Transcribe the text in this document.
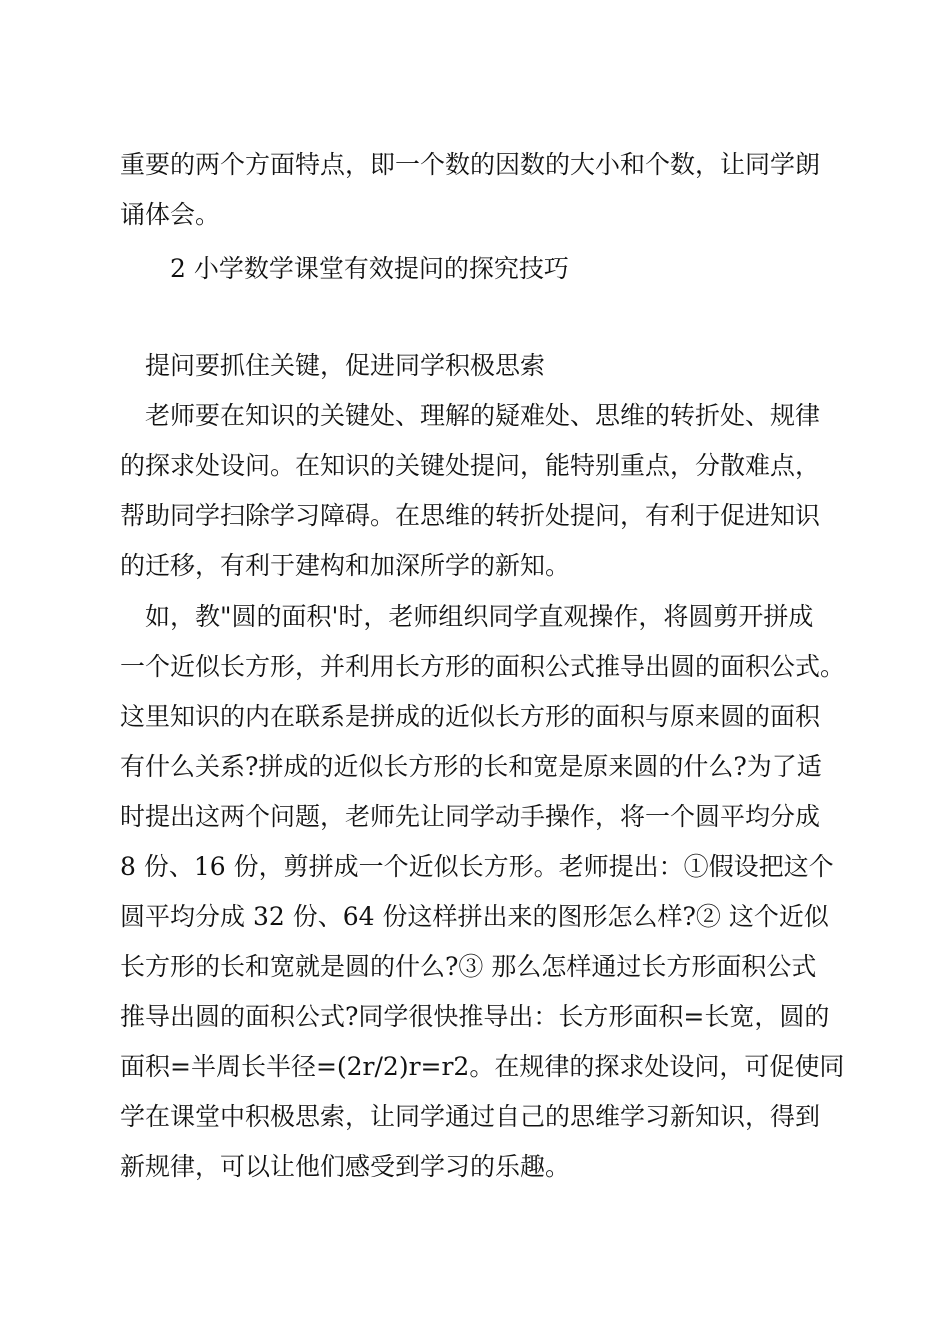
重要的两个方面特点，即一个数的因数的大小和个数，让同学朗
诵体会。
2 小学数学课堂有效提问的探究技巧
提问要抓住关键，促进同学积极思索
老师要在知识的关键处、理解的疑难处、思维的转折处、规律
的探求处设问。在知识的关键处提问，能特别重点，分散难点，
帮助同学扫除学习障碍。在思维的转折处提问，有利于促进知识
的迁移，有利于建构和加深所学的新知。
如，教"圆的面积'时，老师组织同学直观操作，将圆剪开拼成
一个近似长方形，并利用长方形的面积公式推导出圆的面积公式。
这里知识的内在联系是拼成的近似长方形的面积与原来圆的面积
有什么关系?拼成的近似长方形的长和宽是原来圆的什么?为了适
时提出这两个问题，老师先让同学动手操作，将一个圆平均分成
8 份、16 份，剪拼成一个近似长方形。老师提出：①假设把这个
圆平均分成 32 份、64 份这样拼出来的图形怎么样?② 这个近似
长方形的长和宽就是圆的什么?③ 那么怎样通过长方形面积公式
推导出圆的面积公式?同学很快推导出：长方形面积=长宽，圆的
面积=半周长半径=(2r/2)r=r2。在规律的探求处设问，可促使同
学在课堂中积极思索，让同学通过自己的思维学习新知识，得到
新规律，可以让他们感受到学习的乐趣。
